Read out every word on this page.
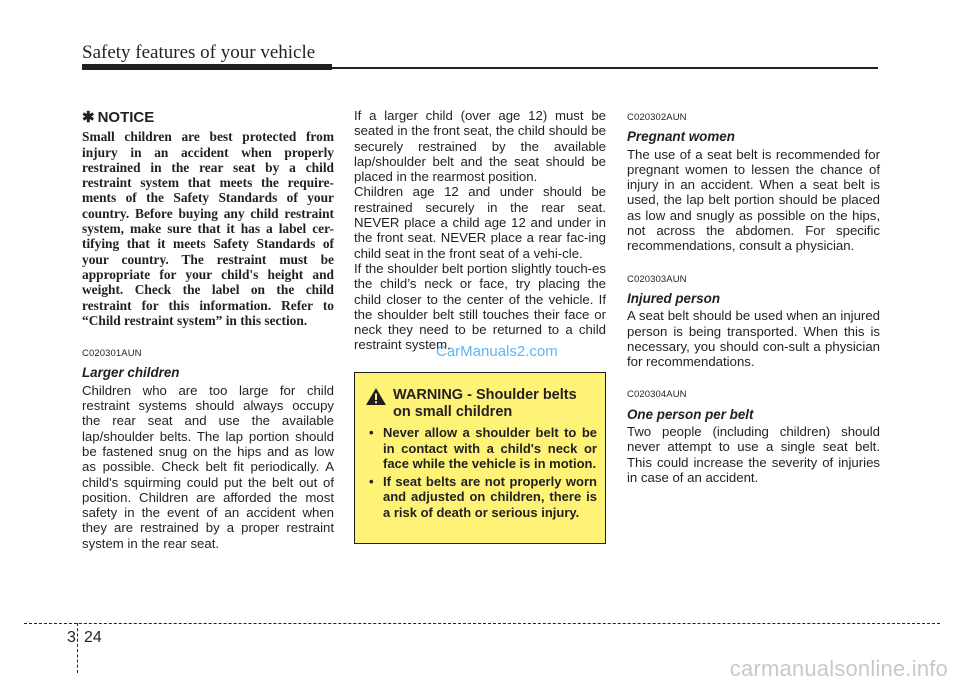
Safety features of your vehicle
✱ NOTICE

Small children are best protected from injury in an accident when properly restrained in the rear seat by a child restraint system that meets the require-ments of the Safety Standards of your country. Before buying any child restraint system, make sure that it has a label cer-tifying that it meets Safety Standards of your country. The restraint must be appropriate for your child's height and weight. Check the label on the child restraint for this information. Refer to “Child restraint system” in this section.

C020301AUN
Larger children

Children who are too large for child restraint systems should always occupy the rear seat and use the available lap/shoulder belts. The lap portion should be fastened snug on the hips and as low as possible. Check belt fit periodically. A child's squirming could put the belt out of position. Children are afforded the most safety in the event of an accident when they are restrained by a proper restraint system in the rear seat.

If a larger child (over age 12) must be seated in the front seat, the child should be securely restrained by the available lap/shoulder belt and the seat should be placed in the rearmost position.

Children age 12 and under should be restrained securely in the rear seat. NEVER place a child age 12 and under in the front seat. NEVER place a rear fac-ing child seat in the front seat of a vehi-cle.

If the shoulder belt portion slightly touch-es the child’s neck or face, try placing the child closer to the center of the vehicle. If the shoulder belt still touches their face or neck they need to be returned to a child restraint system.

CarManuals2.com
WARNING - Shoulder belts on small children
• Never allow a shoulder belt to be in contact with a child's neck or face while the vehicle is in motion.
• If seat belts are not properly worn and adjusted on children, there is a risk of death or serious injury.
C020302AUN
Pregnant women

The use of a seat belt is recommended for pregnant women to lessen the chance of injury in an accident. When a seat belt is used, the lap belt portion should be placed as low and snugly as possible on the hips, not across the abdomen. For specific recommendations, consult a physician.

C020303AUN
Injured person

A seat belt should be used when an injured person is being transported. When this is necessary, you should con-sult a physician for recommendations.

C020304AUN
One person per belt

Two people (including children) should never attempt to use a single seat belt. This could increase the severity of injuries in case of an accident.

3 24
carmanualsonline.info
